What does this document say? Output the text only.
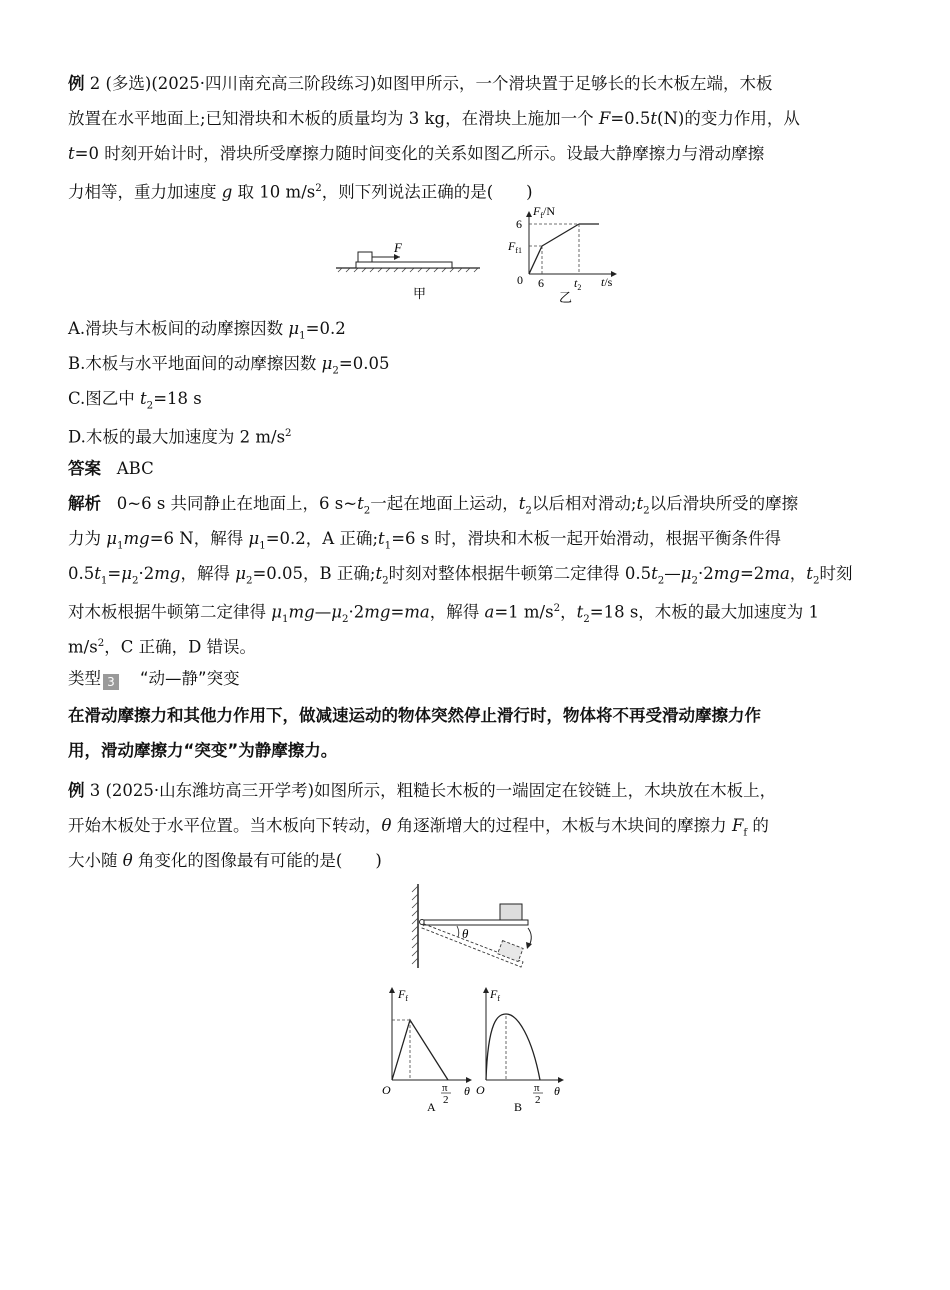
例 2 (多选)(2025·四川南充高三阶段练习)如图甲所示，一个滑块置于足够长的长木板左端，木板

放置在水平地面上;已知滑块和木板的质量均为 3 kg，在滑块上施加一个 F=0.5t(N)的变力作用，从

t=0 时刻开始计时，滑块所受摩擦力随时间变化的关系如图乙所示。设最大静摩擦力与滑动摩擦

力相等，重力加速度 g 取 10 $m/s^2$，则下列说法正确的是(　　)

F
甲
$F_f/N$
6
$F_{f1}$
0 6	$t_2$ t/s
乙

A.滑块与木板间的动摩擦因数 $\mu_1=0.2$

B.木板与水平地面间的动摩擦因数 $\mu_2=0.05$

C.图乙中 $t_2=18$ s

D.木板的最大加速度为 2 $m/s^2$

答案 ABC

解析 0~6 s 共同静止在地面上，6 $s\sim t_2$一起在地面上运动，$t_2$以后相对滑动$;t_2$以后滑块所受的摩擦

力为 $\mu_1mg=6$ N，解得 $\mu_1=0.2$，A 正确$;t_1=6$ s 时，滑块和木板一起开始滑动，根据平衡条件得

$0.5t_1=\mu_2\cdot 2mg$，解得 $\mu_2=0.05$，B 正确$;t_2$时刻对整体根据牛顿第二定律得 $0.5t_2—\mu_2\cdot 2mg=2ma$，$t_2$时刻

对木板根据牛顿第二定律得 $\mu_1mg—\mu_2\cdot 2mg=ma$，解得 a=1 $m/s^2$，$t_2=18$ s，木板的最大加速度为 1

$m/s^2$，C 正确，D 错误。

类型 3 “动—静”突变

在滑动摩擦力和其他力作用下，做减速运动的物体突然停止滑行时，物体将不再受滑动摩擦力作

用，滑动摩擦力“突变”为静摩擦力。

例 3 (2025·山东潍坊高三开学考)如图所示，粗糙长木板的一端固定在铰链上，木块放在木板上，

开始木板处于水平位置。当木板向下转动，θ 角逐渐增大的过程中，木板与木块间的摩擦力 $F_f$ 的

大小随 θ 角变化的图像最有可能的是(　　)

θ
$F_f$
O	π
2
θ
A
$F_f$
O	π
2
θ
B
